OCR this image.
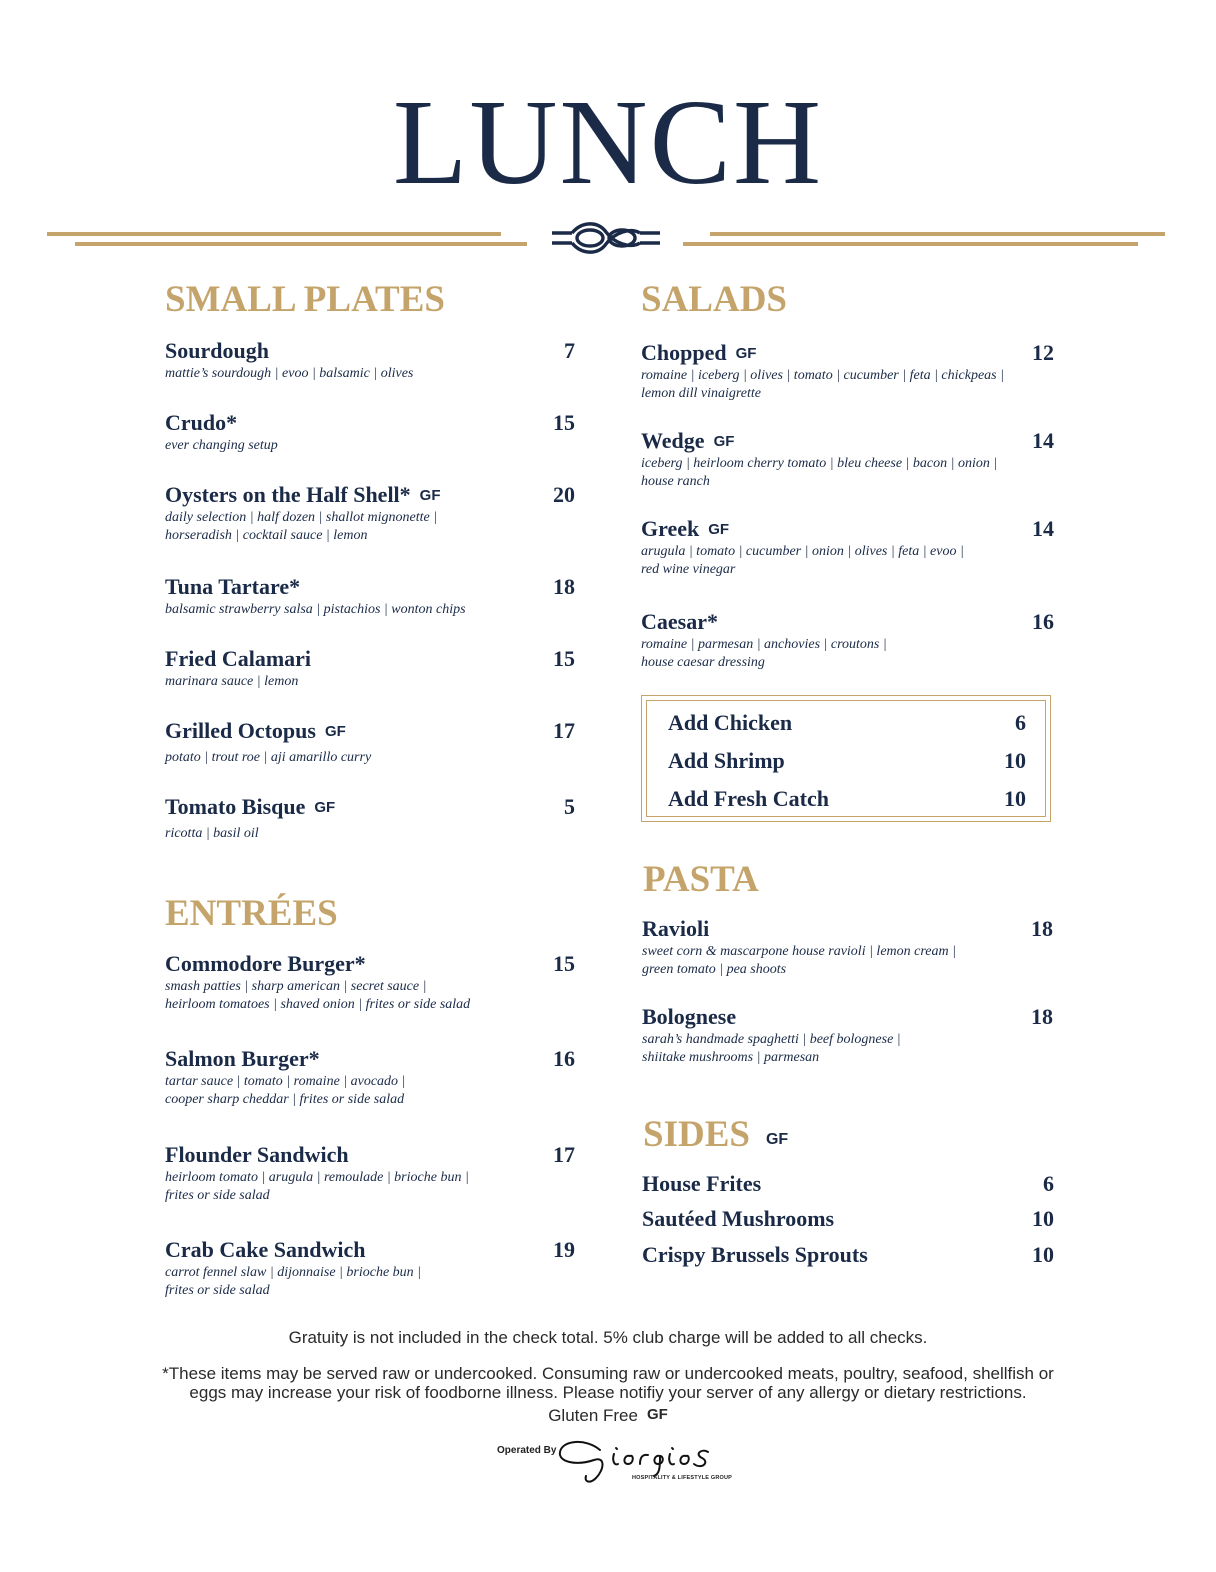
LUNCH
SMALL PLATES
Sourdough	7
mattie’s sourdough | evoo | balsamic | olives
Crudo*	15
ever changing setup
Oysters on the Half Shell* GF	20
daily selection | half dozen | shallot mignonette |
horseradish | cocktail sauce | lemon
Tuna Tartare*	18
balsamic strawberry salsa | pistachios | wonton chips
Fried Calamari	15
marinara sauce | lemon
Grilled Octopus GF	17
potato | trout roe | aji amarillo curry
Tomato Bisque GF	5
ricotta | basil oil
ENTRÉES
Commodore Burger*	15
smash patties | sharp american | secret sauce |
heirloom tomatoes | shaved onion | frites or side salad
Salmon Burger*	16
tartar sauce | tomato | romaine | avocado |
cooper sharp cheddar | frites or side salad
Flounder Sandwich	17
heirloom tomato | arugula | remoulade | brioche bun |
frites or side salad
Crab Cake Sandwich	19
carrot fennel slaw | dijonnaise | brioche bun |
frites or side salad
SALADS
Chopped GF	12
romaine | iceberg | olives | tomato | cucumber | feta | chickpeas |
lemon dill vinaigrette
Wedge GF	14
iceberg | heirloom cherry tomato | bleu cheese | bacon | onion |
house ranch
Greek GF	14
arugula | tomato | cucumber | onion | olives | feta | evoo |
red wine vinegar
Caesar*	16
romaine | parmesan | anchovies | croutons |
house caesar dressing
Add Chicken	6
Add Shrimp	10
Add Fresh Catch	10
PASTA
Ravioli	18
sweet corn & mascarpone house ravioli | lemon cream |
green tomato | pea shoots
Bolognese	18
sarah’s handmade spaghetti | beef bolognese |
shiitake mushrooms | parmesan
SIDES GF
House Frites	6
Sautéed Mushrooms	10
Crispy Brussels Sprouts	10
Gratuity is not included in the check total. 5% club charge will be added to all checks.
*These items may be served raw or undercooked. Consuming raw or undercooked meats, poultry, seafood, shellfish or
eggs may increase your risk of foodborne illness. Please notifiy your server of any allergy or dietary restrictions.
Gluten Free GF
Operated By
HOSPITALITY & LIFESTYLE GROUP
